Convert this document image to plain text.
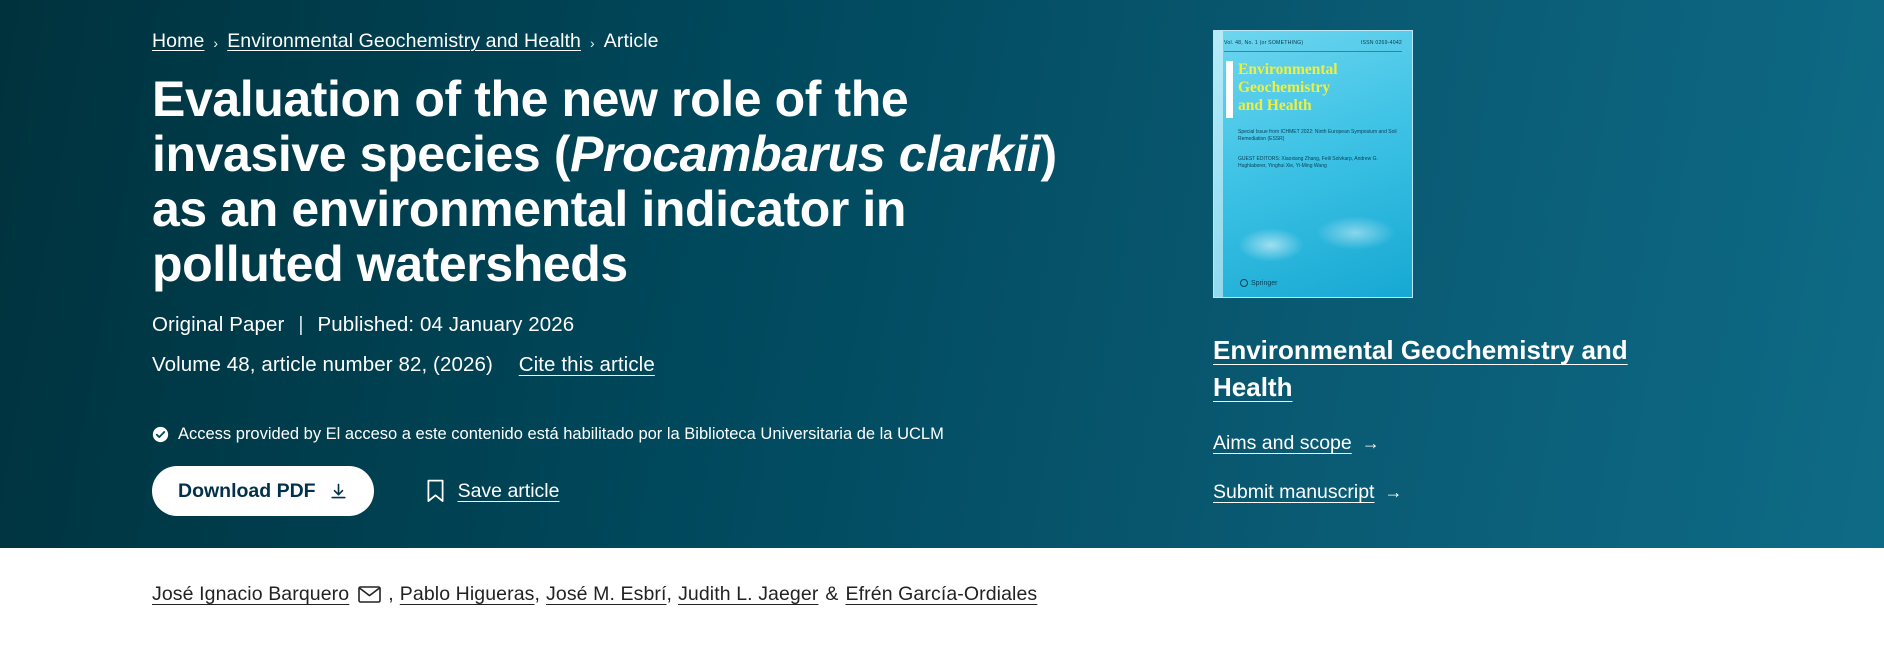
Home › Environmental Geochemistry and Health › Article
Evaluation of the new role of the invasive species (Procambarus clarkii) as an environmental indicator in polluted watersheds
Original Paper | Published: 04 January 2026
Volume 48, article number 82, (2026) Cite this article
Access provided by El acceso a este contenido está habilitado por la Biblioteca Universitaria de la UCLM
Download PDF	Save article
Vol. 48, No. 1 (or SOMETHING)	ISSN 0269-4042
Environmental
Geochemistry
and Health
Special Issue from ICHMET 2022: Ninth European Symposium and Soil Remediation (ESSR)
GUEST EDITORS: Xiaoxiang Zhang, Feili Solvkarp, Andrew G. Hughlaborer, Yinghui Xie, Yi-Ming Wang
Springer
Environmental Geochemistry and Health
Aims and scope →
Submit manuscript →
José Ignacio Barquero , Pablo Higueras , José M. Esbrí , Judith L. Jaeger & Efrén García-Ordiales
